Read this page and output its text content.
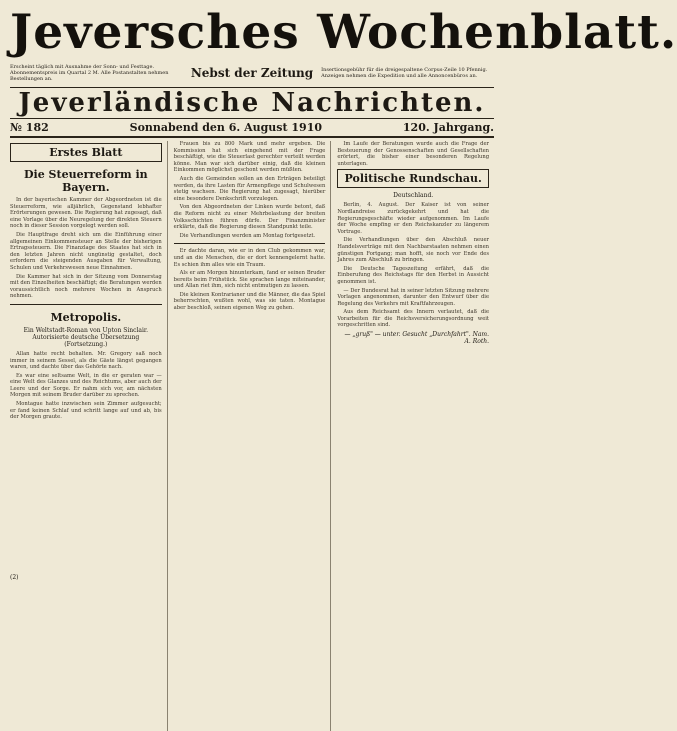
Jeversches Wochenblatt.
Erscheint täglich mit Ausnahme der Sonn- und Festtage. Abonnementspreis im Quartal 2 M. Alle Postanstalten nehmen Bestellungen an.	Nebst der Zeitung	Insertionsgebühr für die dreigespaltene Corpus-Zeile 10 Pfennig. Anzeigen nehmen die Expedition und alle Annoncenbüros an.
Jeverländische Nachrichten.
№ 182	Sonnabend den 6. August 1910	120. Jahrgang.
Erstes Blatt
Die Steuerreform in Bayern.

In der bayerischen Kammer der Abgeordneten ist die Steuerreform, wie alljährlich, Gegenstand lebhafter Erörterungen gewesen. Die Regierung hat zugesagt, daß eine Vorlage über die Neuregelung der direkten Steuern noch in dieser Session vorgelegt werden soll.

Die Hauptfrage dreht sich um die Einführung einer allgemeinen Einkommensteuer an Stelle der bisherigen Ertragssteuern. Die Finanzlage des Staates hat sich in den letzten Jahren nicht ungünstig gestaltet, doch erfordern die steigenden Ausgaben für Verwaltung, Schulen und Verkehrswesen neue Einnahmen.

Die Kammer hat sich in der Sitzung vom Donnerstag mit den Einzelheiten beschäftigt; die Beratungen werden voraussichtlich noch mehrere Wochen in Anspruch nehmen.

Metropolis.
Ein Weltstadt-Roman von Upton Sinclair. Autorisierte deutsche Übersetzung (Fortsetzung.)

Allan hatte recht behalten. Mr. Gregory saß noch immer in seinem Sessel, als die Gäste längst gegangen waren, und dachte über das Gehörte nach.

Es war eine seltsame Welt, in die er geraten war — eine Welt des Glanzes und des Reichtums, aber auch der Leere und der Sorge. Er nahm sich vor, am nächsten Morgen mit seinem Bruder darüber zu sprechen.

Montague hatte inzwischen sein Zimmer aufgesucht; er fand keinen Schlaf und schritt lange auf und ab, bis der Morgen graute.

(2)

Frauen bis zu 800 Mark und mehr ergeben. Die Kommission hat sich eingehend mit der Frage beschäftigt, wie die Steuerlast gerechter verteilt werden könne. Man war sich darüber einig, daß die kleinen Einkommen möglichst geschont werden müßten.

Auch die Gemeinden sollen an den Erträgen beteiligt werden, da ihre Lasten für Armenpflege und Schulwesen stetig wachsen. Die Regierung hat zugesagt, hierüber eine besondere Denkschrift vorzulegen.

Von den Abgeordneten der Linken wurde betont, daß die Reform nicht zu einer Mehrbelastung der breiten Volksschichten führen dürfe. Der Finanzminister erklärte, daß die Regierung diesen Standpunkt teile.

Die Verhandlungen werden am Montag fortgesetzt.

Er dachte daran, wie er in den Club gekommen war, und an die Menschen, die er dort kennengelernt hatte. Es schien ihm alles wie ein Traum.

Als er am Morgen hinunterkam, fand er seinen Bruder bereits beim Frühstück. Sie sprachen lange miteinander, und Allan riet ihm, sich nicht entmutigen zu lassen.

Die kleinen Kontrarianer und die Männer, die das Spiel beherrschten, wußten wohl, was sie taten. Montague aber beschloß, seinen eigenen Weg zu gehen.

Im Laufe der Beratungen wurde auch die Frage der Besteuerung der Genossenschaften und Gesellschaften erörtert, die bisher einer besonderen Regelung unterlagen.

Politische Rundschau.
Deutschland.

Berlin, 4. August. Der Kaiser ist von seiner Nordlandreise zurückgekehrt und hat die Regierungsgeschäfte wieder aufgenommen. Im Laufe der Woche empfing er den Reichskanzler zu längerem Vortrage.

Die Verhandlungen über den Abschluß neuer Handelsverträge mit den Nachbarstaaten nehmen einen günstigen Fortgang; man hofft, sie noch vor Ende des Jahres zum Abschluß zu bringen.

Die Deutsche Tageszeitung erfährt, daß die Einberufung des Reichstags für den Herbst in Aussicht genommen ist.

— Der Bundesrat hat in seiner letzten Sitzung mehrere Vorlagen angenommen, darunter den Entwurf über die Regelung des Verkehrs mit Kraftfahrzeugen.

Aus dem Reichsamt des Innern verlautet, daß die Vorarbeiten für die Reichsversicherungsordnung weit vorgeschritten sind.

— „gruß" — unter. Gesucht „Durchfahrt". Nam. A. Roth.
